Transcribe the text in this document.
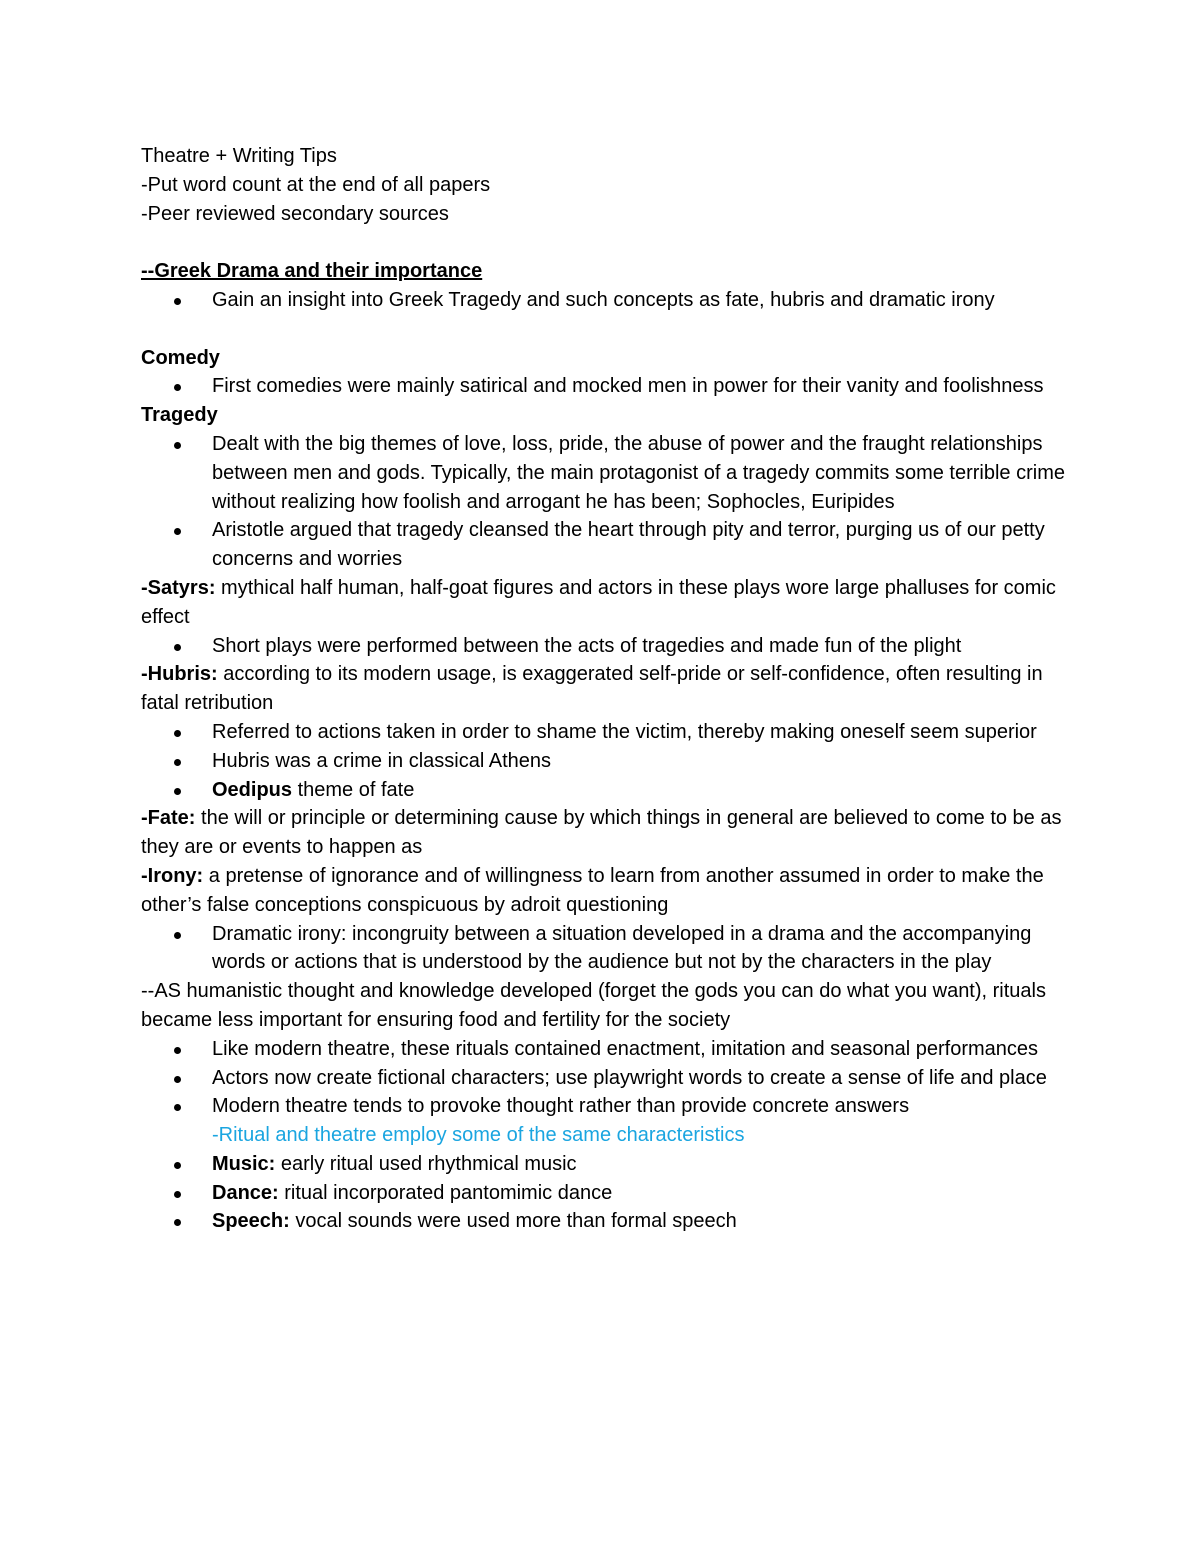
Theatre + Writing Tips

-Put word count at the end of all papers

-Peer reviewed secondary sources

--Greek Drama and their importance

Gain an insight into Greek Tragedy and such concepts as fate, hubris and dramatic irony

Comedy

First comedies were mainly satirical and mocked men in power for their vanity and foolishness

Tragedy

Dealt with the big themes of love, loss, pride, the abuse of power and the fraught relationships between men and gods. Typically, the main protagonist of a tragedy commits some terrible crime without realizing how foolish and arrogant he has been; Sophocles, Euripides
Aristotle argued that tragedy cleansed the heart through pity and terror, purging us of our petty concerns and worries

-Satyrs: mythical half human, half-goat figures and actors in these plays wore large phalluses for comic effect

Short plays were performed between the acts of tragedies and made fun of the plight

-Hubris: according to its modern usage, is exaggerated self-pride or self-confidence, often resulting in fatal retribution

Referred to actions taken in order to shame the victim, thereby making oneself seem superior
Hubris was a crime in classical Athens
Oedipus theme of fate

-Fate: the will or principle or determining cause by which things in general are believed to come to be as they are or events to happen as

-Irony: a pretense of ignorance and of willingness to learn from another assumed in order to make the other’s false conceptions conspicuous by adroit questioning

Dramatic irony: incongruity between a situation developed in a drama and the accompanying words or actions that is understood by the audience but not by the characters in the play

--AS humanistic thought and knowledge developed (forget the gods you can do what you want), rituals became less important for ensuring food and fertility for the society

Like modern theatre, these rituals contained enactment, imitation and seasonal performances
Actors now create fictional characters; use playwright words to create a sense of life and place
Modern theatre tends to provoke thought rather than provide concrete answers

-Ritual and theatre employ some of the same characteristics

Music: early ritual used rhythmical music
Dance: ritual incorporated pantomimic dance
Speech: vocal sounds were used more than formal speech
